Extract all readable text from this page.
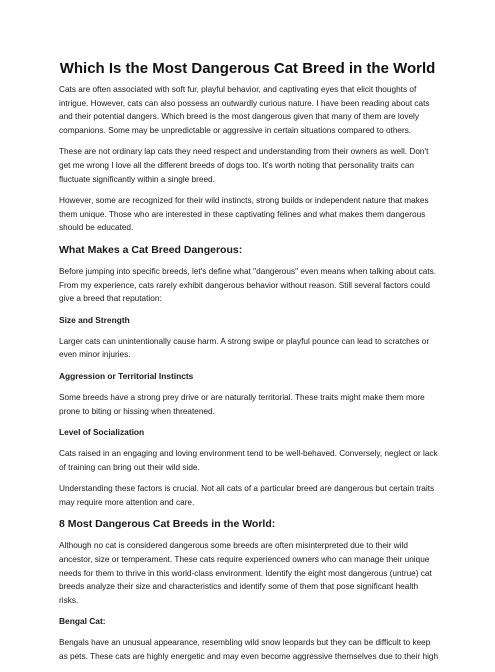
Which Is the Most Dangerous Cat Breed in the World

Cats are often associated with soft fur, playful behavior, and captivating eyes that elicit thoughts of intrigue. However, cats can also possess an outwardly curious nature. I have been reading about cats and their potential dangers. Which breed is the most dangerous given that many of them are lovely companions. Some may be unpredictable or aggressive in certain situations compared to others.

These are not ordinary lap cats they need respect and understanding from their owners as well. Don't get me wrong I love all the different breeds of dogs too. It's worth noting that personality traits can fluctuate significantly within a single breed.

However, some are recognized for their wild instincts, strong builds or independent nature that makes them unique. Those who are interested in these captivating felines and what makes them dangerous should be educated.

What Makes a Cat Breed Dangerous:

Before jumping into specific breeds, let's define what "dangerous" even means when talking about cats. From my experience, cats rarely exhibit dangerous behavior without reason. Still several factors could give a breed that reputation:

Size and Strength

Larger cats can unintentionally cause harm. A strong swipe or playful pounce can lead to scratches or even minor injuries.

Aggression or Territorial Instincts

Some breeds have a strong prey drive or are naturally territorial. These traits might make them more prone to biting or hissing when threatened.

Level of Socialization

Cats raised in an engaging and loving environment tend to be well-behaved. Conversely, neglect or lack of training can bring out their wild side.

Understanding these factors is crucial. Not all cats of a particular breed are dangerous but certain traits may require more attention and care.

8 Most Dangerous Cat Breeds in the World:

Although no cat is considered dangerous some breeds are often misinterpreted due to their wild ancestor, size or temperament. These cats require experienced owners who can manage their unique needs for them to thrive in this world-class environment. Identify the eight most dangerous (untrue) cat breeds analyze their size and characteristics and identify some of them that pose significant health risks.

Bengal Cat:

Bengals have an unusual appearance, resembling wild snow leopards but they can be difficult to keep as pets. These cats are highly energetic and may even become aggressive themselves due to their high
